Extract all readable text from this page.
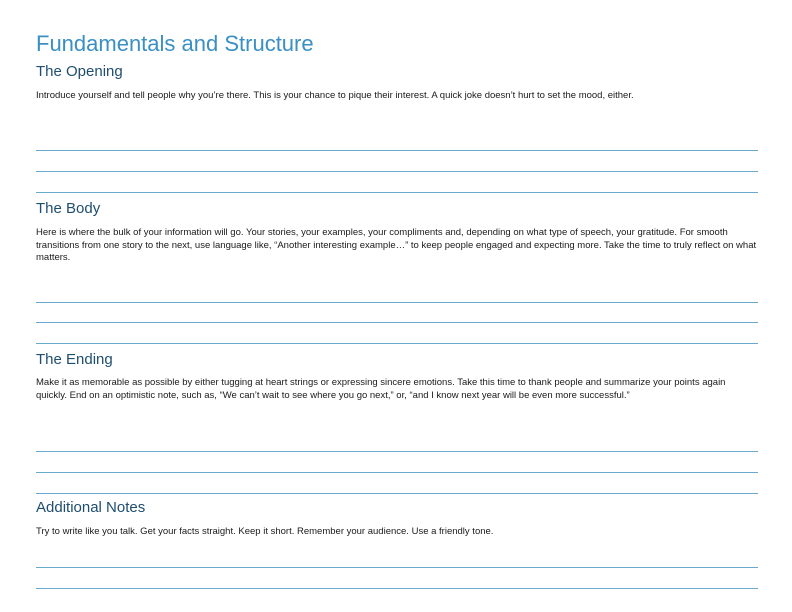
Fundamentals and Structure
The Opening
Introduce yourself and tell people why you’re there. This is your chance to pique their interest. A quick joke doesn’t hurt to set the mood, either.
The Body
Here is where the bulk of your information will go. Your stories, your examples, your compliments and, depending on what type of speech, your gratitude. For smooth transitions from one story to the next, use language like, “Another interesting example…” to keep people engaged and expecting more. Take the time to truly reflect on what matters.
The Ending
Make it as memorable as possible by either tugging at heart strings or expressing sincere emotions. Take this time to thank people and summarize your points again quickly. End on an optimistic note, such as, “We can’t wait to see where you go next,” or, “and I know next year will be even more successful.”
Additional Notes
Try to write like you talk. Get your facts straight. Keep it short. Remember your audience. Use a friendly tone.
